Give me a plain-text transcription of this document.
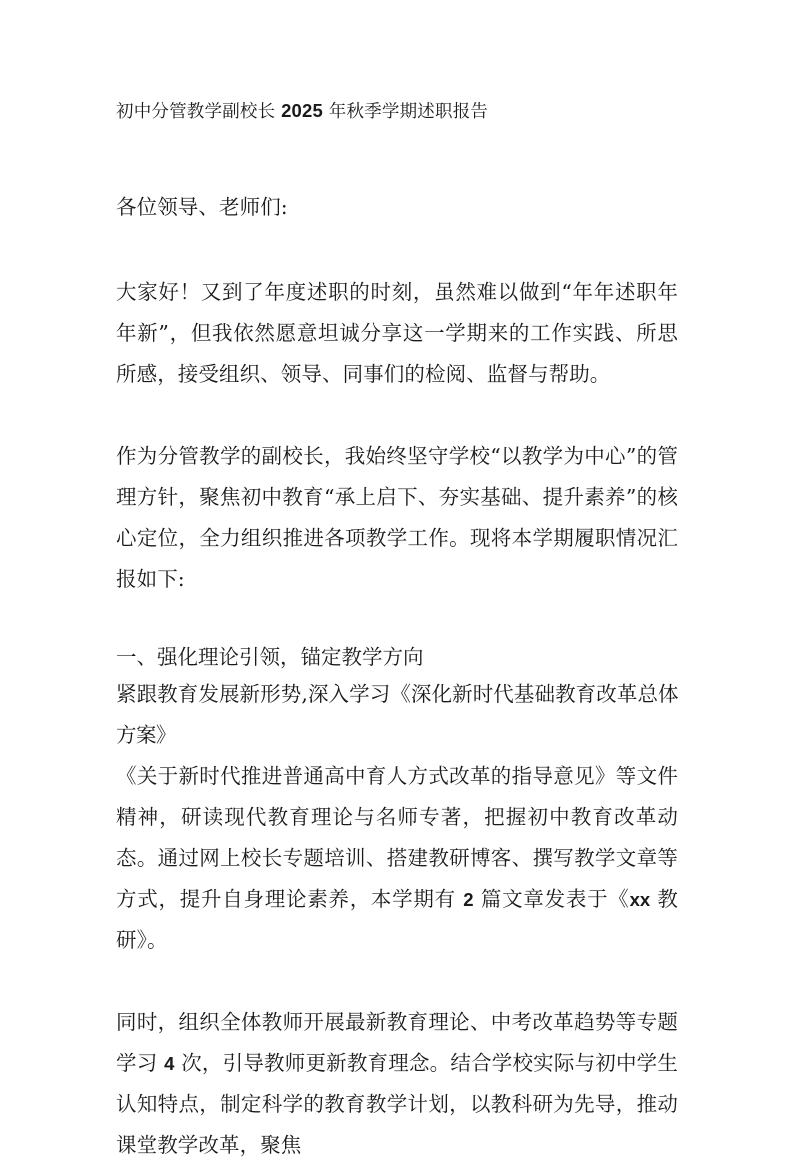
初中分管教学副校长 2025 年秋季学期述职报告

各位领导、老师们:

大家好！又到了年度述职的时刻，虽然难以做到“年年述职年年新”，但我依然愿意坦诚分享这一学期来的工作实践、所思所感，接受组织、领导、同事们的检阅、监督与帮助。

作为分管教学的副校长，我始终坚守学校“以教学为中心”的管理方针，聚焦初中教育“承上启下、夯实基础、提升素养”的核心定位，全力组织推进各项教学工作。现将本学期履职情况汇报如下:

一、强化理论引领，锚定教学方向

紧跟教育发展新形势,深入学习《深化新时代基础教育改革总体方案》

《关于新时代推进普通高中育人方式改革的指导意见》等文件精神，研读现代教育理论与名师专著，把握初中教育改革动态。通过网上校长专题培训、搭建教研博客、撰写教学文章等方式，提升自身理论素养，本学期有 2 篇文章发表于《xx 教研》。

同时，组织全体教师开展最新教育理论、中考改革趋势等专题学习 4 次，引导教师更新教育理念。结合学校实际与初中学生认知特点，制定科学的教育教学计划，以教科研为先导，推动课堂教学改革，聚焦
